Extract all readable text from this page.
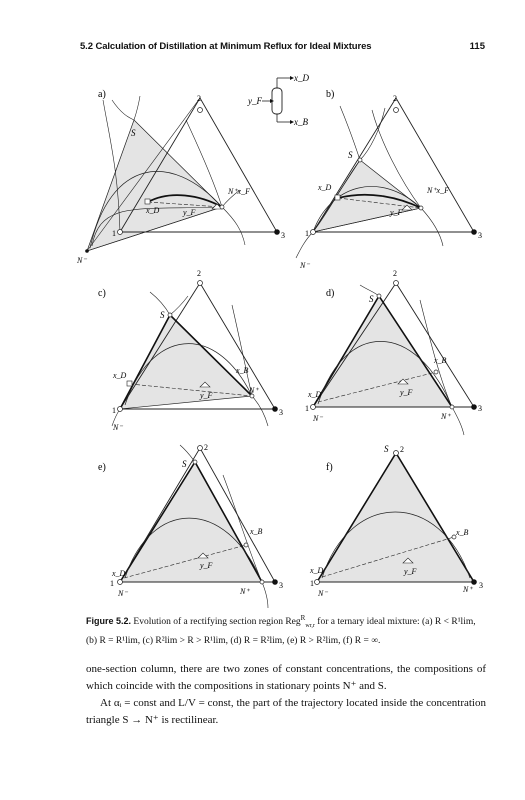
5.2 Calculation of Distillation at Minimum Reflux for Ideal Mixtures	115
x_D
x_B
y_F
a)	2
1	3
N⁻
S
N⁺x_F
x_D	y_F
b)	2
1	3
N⁻
S
N⁺x_F
x_D
y_F
c)
2
1	3
N⁻
S
N⁺
x_D
x_B
y_F
d)
2
1	3
N⁻
S
N⁺
x_D
x_B
y_F
e)
2
1	3
N⁻
S
N⁺
x_D
x_B
y_F
f)
2
1	3
N⁻
S
N⁺
x_D
x_B
y_F
Figure 5.2. Evolution of a rectifying section region Reg$^R_{wr,r}$ for a ternary ideal mixture: (a) R < R¹lim, (b) R = R¹lim, (c) R²lim > R > R¹lim, (d) R = R²lim, (e) R > R²lim, (f) R = ∞.

one-section column, there are two zones of constant concentrations, the compositions of which coincide with the compositions in stationary points N⁺ and S.

At αᵢ = const and L/V = const, the part of the trajectory located inside the concentration triangle S → N⁺ is rectilinear.
